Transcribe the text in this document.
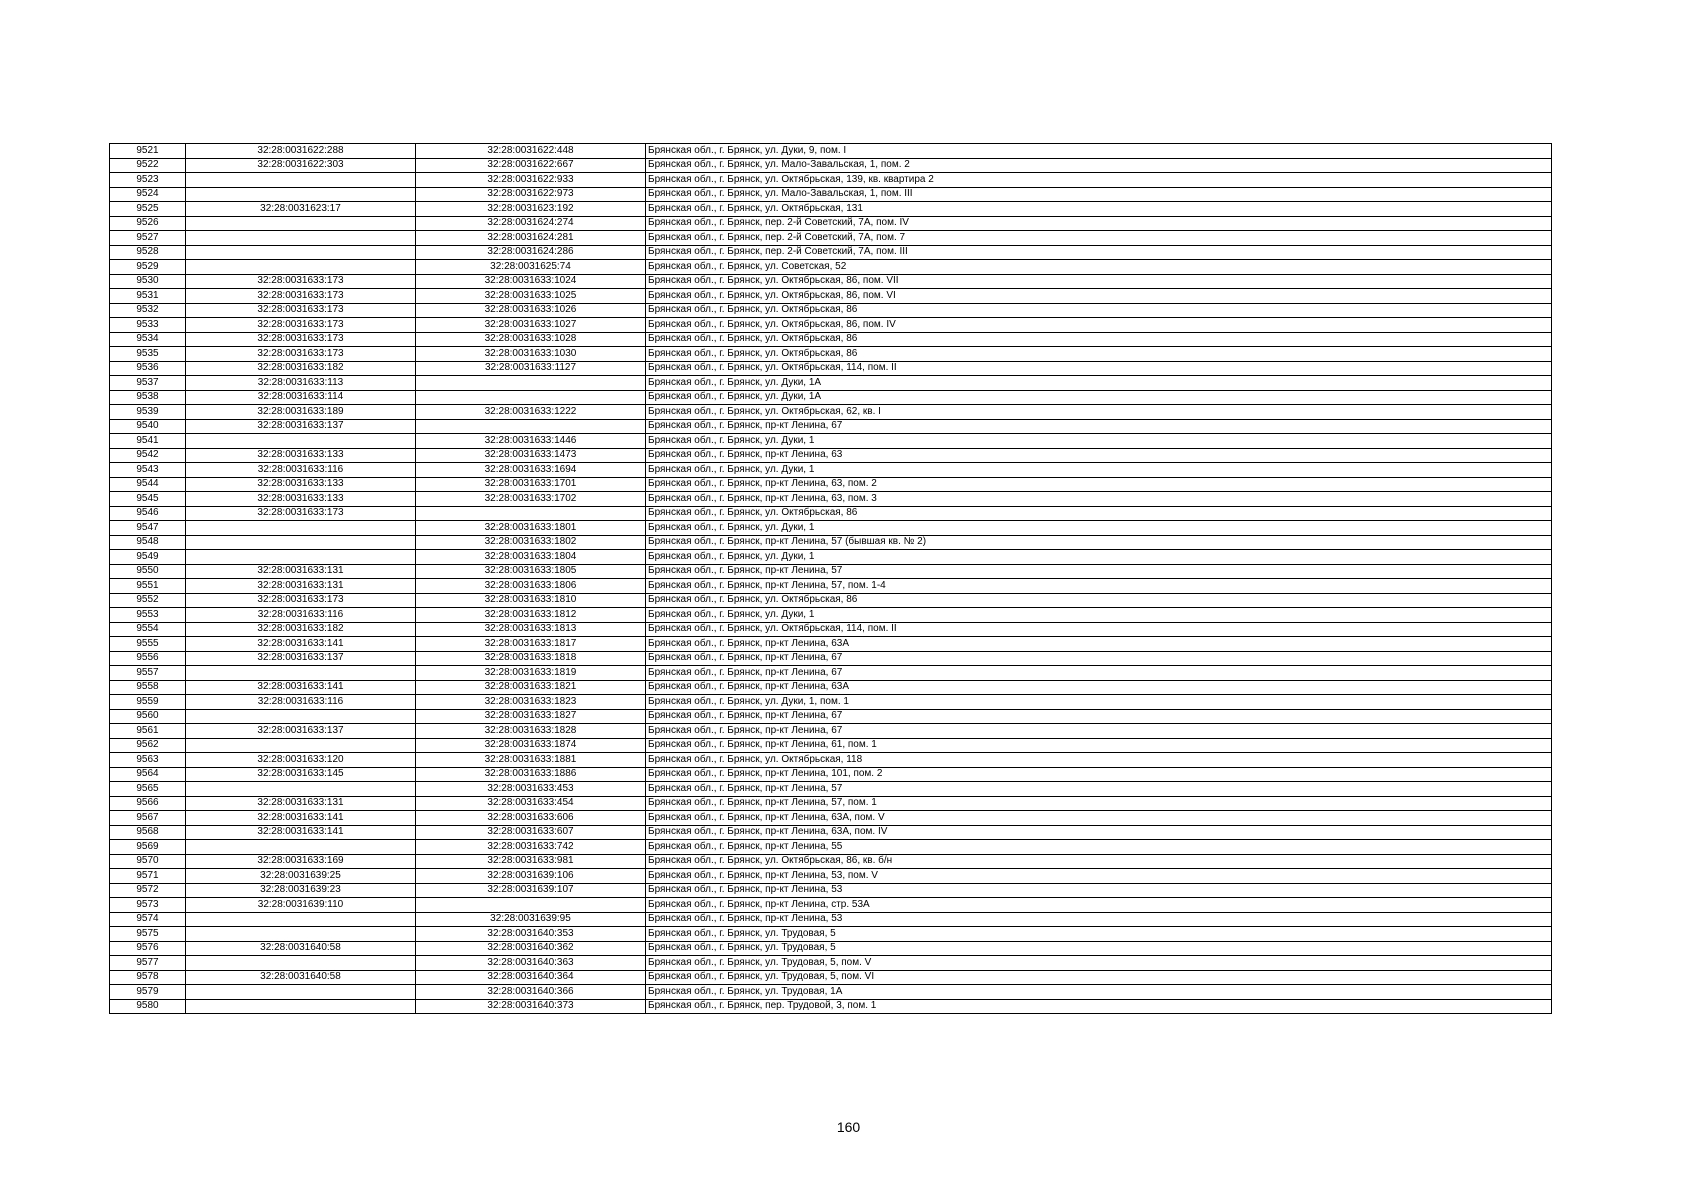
9521	32:28:0031622:288	32:28:0031622:448	Брянская обл., г. Брянск, ул. Дуки, 9, пом. I
9522	32:28:0031622:303	32:28:0031622:667	Брянская обл., г. Брянск, ул. Мало-Завальская, 1, пом. 2
9523		32:28:0031622:933	Брянская обл., г. Брянск, ул. Октябрьская, 139, кв. квартира 2
9524		32:28:0031622:973	Брянская обл., г. Брянск, ул. Мало-Завальская, 1, пом. III
9525	32:28:0031623:17	32:28:0031623:192	Брянская обл., г. Брянск, ул. Октябрьская, 131
9526		32:28:0031624:274	Брянская обл., г. Брянск, пер. 2-й Советский, 7А, пом. IV
9527		32:28:0031624:281	Брянская обл., г. Брянск, пер. 2-й Советский, 7А, пом. 7
9528		32:28:0031624:286	Брянская обл., г. Брянск, пер. 2-й Советский, 7А, пом. III
9529		32:28:0031625:74	Брянская обл., г. Брянск, ул. Советская, 52
9530	32:28:0031633:173	32:28:0031633:1024	Брянская обл., г. Брянск, ул. Октябрьская, 86, пом. VII
9531	32:28:0031633:173	32:28:0031633:1025	Брянская обл., г. Брянск, ул. Октябрьская, 86, пом. VI
9532	32:28:0031633:173	32:28:0031633:1026	Брянская обл., г. Брянск, ул. Октябрьская, 86
9533	32:28:0031633:173	32:28:0031633:1027	Брянская обл., г. Брянск, ул. Октябрьская, 86, пом. IV
9534	32:28:0031633:173	32:28:0031633:1028	Брянская обл., г. Брянск, ул. Октябрьская, 86
9535	32:28:0031633:173	32:28:0031633:1030	Брянская обл., г. Брянск, ул. Октябрьская, 86
9536	32:28:0031633:182	32:28:0031633:1127	Брянская обл., г. Брянск, ул. Октябрьская, 114, пом. II
9537	32:28:0031633:113		Брянская обл., г. Брянск, ул. Дуки, 1А
9538	32:28:0031633:114		Брянская обл., г. Брянск, ул. Дуки, 1А
9539	32:28:0031633:189	32:28:0031633:1222	Брянская обл., г. Брянск, ул. Октябрьская, 62, кв. I
9540	32:28:0031633:137		Брянская обл., г. Брянск, пр-кт Ленина, 67
9541		32:28:0031633:1446	Брянская обл., г. Брянск, ул. Дуки, 1
9542	32:28:0031633:133	32:28:0031633:1473	Брянская обл., г. Брянск, пр-кт Ленина, 63
9543	32:28:0031633:116	32:28:0031633:1694	Брянская обл., г. Брянск, ул. Дуки, 1
9544	32:28:0031633:133	32:28:0031633:1701	Брянская обл., г. Брянск, пр-кт Ленина, 63, пом. 2
9545	32:28:0031633:133	32:28:0031633:1702	Брянская обл., г. Брянск, пр-кт Ленина, 63, пом. 3
9546	32:28:0031633:173		Брянская обл., г. Брянск, ул. Октябрьская, 86
9547		32:28:0031633:1801	Брянская обл., г. Брянск, ул. Дуки, 1
9548		32:28:0031633:1802	Брянская обл., г. Брянск, пр-кт Ленина, 57 (бывшая кв. № 2)
9549		32:28:0031633:1804	Брянская обл., г. Брянск, ул. Дуки, 1
9550	32:28:0031633:131	32:28:0031633:1805	Брянская обл., г. Брянск, пр-кт Ленина, 57
9551	32:28:0031633:131	32:28:0031633:1806	Брянская обл., г. Брянск, пр-кт Ленина, 57, пом. 1-4
9552	32:28:0031633:173	32:28:0031633:1810	Брянская обл., г. Брянск, ул. Октябрьская, 86
9553	32:28:0031633:116	32:28:0031633:1812	Брянская обл., г. Брянск, ул. Дуки, 1
9554	32:28:0031633:182	32:28:0031633:1813	Брянская обл., г. Брянск, ул. Октябрьская, 114, пом. II
9555	32:28:0031633:141	32:28:0031633:1817	Брянская обл., г. Брянск, пр-кт Ленина, 63А
9556	32:28:0031633:137	32:28:0031633:1818	Брянская обл., г. Брянск, пр-кт Ленина, 67
9557		32:28:0031633:1819	Брянская обл., г. Брянск, пр-кт Ленина, 67
9558	32:28:0031633:141	32:28:0031633:1821	Брянская обл., г. Брянск, пр-кт Ленина, 63А
9559	32:28:0031633:116	32:28:0031633:1823	Брянская обл., г. Брянск, ул. Дуки, 1, пом. 1
9560		32:28:0031633:1827	Брянская обл., г. Брянск, пр-кт Ленина, 67
9561	32:28:0031633:137	32:28:0031633:1828	Брянская обл., г. Брянск, пр-кт Ленина, 67
9562		32:28:0031633:1874	Брянская обл., г. Брянск, пр-кт Ленина, 61, пом. 1
9563	32:28:0031633:120	32:28:0031633:1881	Брянская обл., г. Брянск, ул. Октябрьская, 118
9564	32:28:0031633:145	32:28:0031633:1886	Брянская обл., г. Брянск, пр-кт Ленина, 101, пом. 2
9565		32:28:0031633:453	Брянская обл., г. Брянск, пр-кт Ленина, 57
9566	32:28:0031633:131	32:28:0031633:454	Брянская обл., г. Брянск, пр-кт Ленина, 57, пом. 1
9567	32:28:0031633:141	32:28:0031633:606	Брянская обл., г. Брянск, пр-кт Ленина, 63А, пом. V
9568	32:28:0031633:141	32:28:0031633:607	Брянская обл., г. Брянск, пр-кт Ленина, 63А, пом. IV
9569		32:28:0031633:742	Брянская обл., г. Брянск, пр-кт Ленина, 55
9570	32:28:0031633:169	32:28:0031633:981	Брянская обл., г. Брянск, ул. Октябрьская, 86, кв. б/н
9571	32:28:0031639:25	32:28:0031639:106	Брянская обл., г. Брянск, пр-кт Ленина, 53, пом. V
9572	32:28:0031639:23	32:28:0031639:107	Брянская обл., г. Брянск, пр-кт Ленина, 53
9573	32:28:0031639:110		Брянская обл., г. Брянск, пр-кт Ленина, стр. 53А
9574		32:28:0031639:95	Брянская обл., г. Брянск, пр-кт Ленина, 53
9575		32:28:0031640:353	Брянская обл., г. Брянск, ул. Трудовая, 5
9576	32:28:0031640:58	32:28:0031640:362	Брянская обл., г. Брянск, ул. Трудовая, 5
9577		32:28:0031640:363	Брянская обл., г. Брянск, ул. Трудовая, 5, пом. V
9578	32:28:0031640:58	32:28:0031640:364	Брянская обл., г. Брянск, ул. Трудовая, 5, пом. VI
9579		32:28:0031640:366	Брянская обл., г. Брянск, ул. Трудовая, 1А
9580		32:28:0031640:373	Брянская обл., г. Брянск, пер. Трудовой, 3, пом. 1
160
